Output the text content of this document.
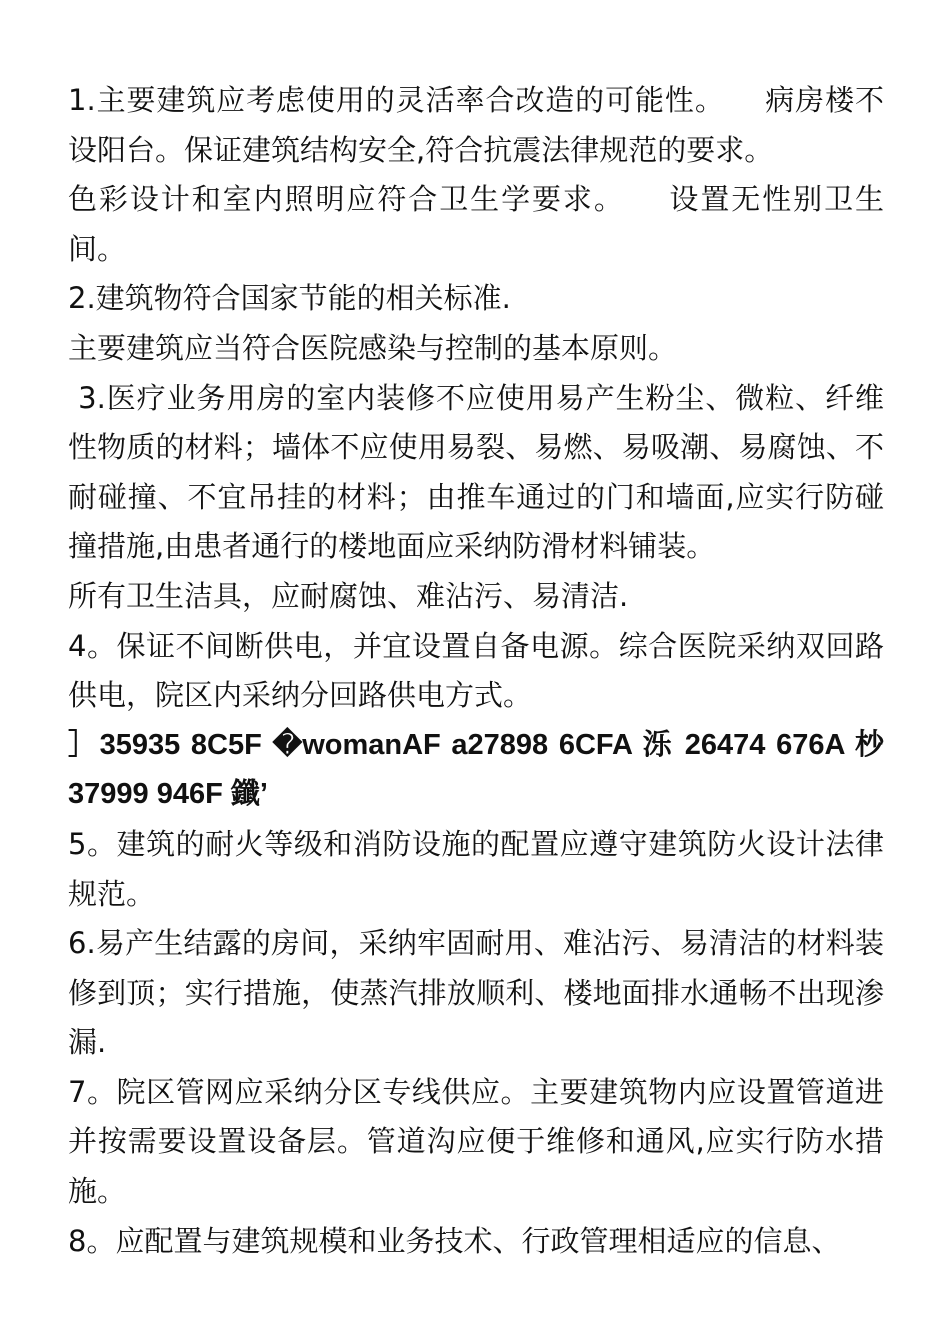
1.主要建筑应考虑使用的灵活率合改造的可能性。    病房楼不设阳台。保证建筑结构安全,符合抗震法律规范的要求。

色彩设计和室内照明应符合卫生学要求。    设置无性别卫生间。

2.建筑物符合国家节能的相关标准.

主要建筑应当符合医院感染与控制的基本原则。

3.医疗业务用房的室内装修不应使用易产生粉尘、微粒、纤维性物质的材料；墙体不应使用易裂、易燃、易吸潮、易腐蚀、不耐碰撞、不宜吊挂的材料；由推车通过的门和墙面,应实行防碰撞措施,由患者通行的楼地面应采纳防滑材料铺装。

所有卫生洁具，应耐腐蚀、难沾污、易清洁.

4。保证不间断供电，并宜设置自备电源。综合医院采纳双回路供电，院区内采纳分回路供电方式。

］35935 8C5F �womanAF a27898 6CFA 泺 26474 676A 杪 37999 946F 鑯’

5。建筑的耐火等级和消防设施的配置应遵守建筑防火设计法律规范。

6.易产生结露的房间，采纳牢固耐用、难沾污、易清洁的材料装修到顶；实行措施，使蒸汽排放顺利、楼地面排水通畅不出现渗漏.

7。院区管网应采纳分区专线供应。主要建筑物内应设置管道进并按需要设置设备层。管道沟应便于维修和通风,应实行防水措施。

8。应配置与建筑规模和业务技术、行政管理相适应的信息、
